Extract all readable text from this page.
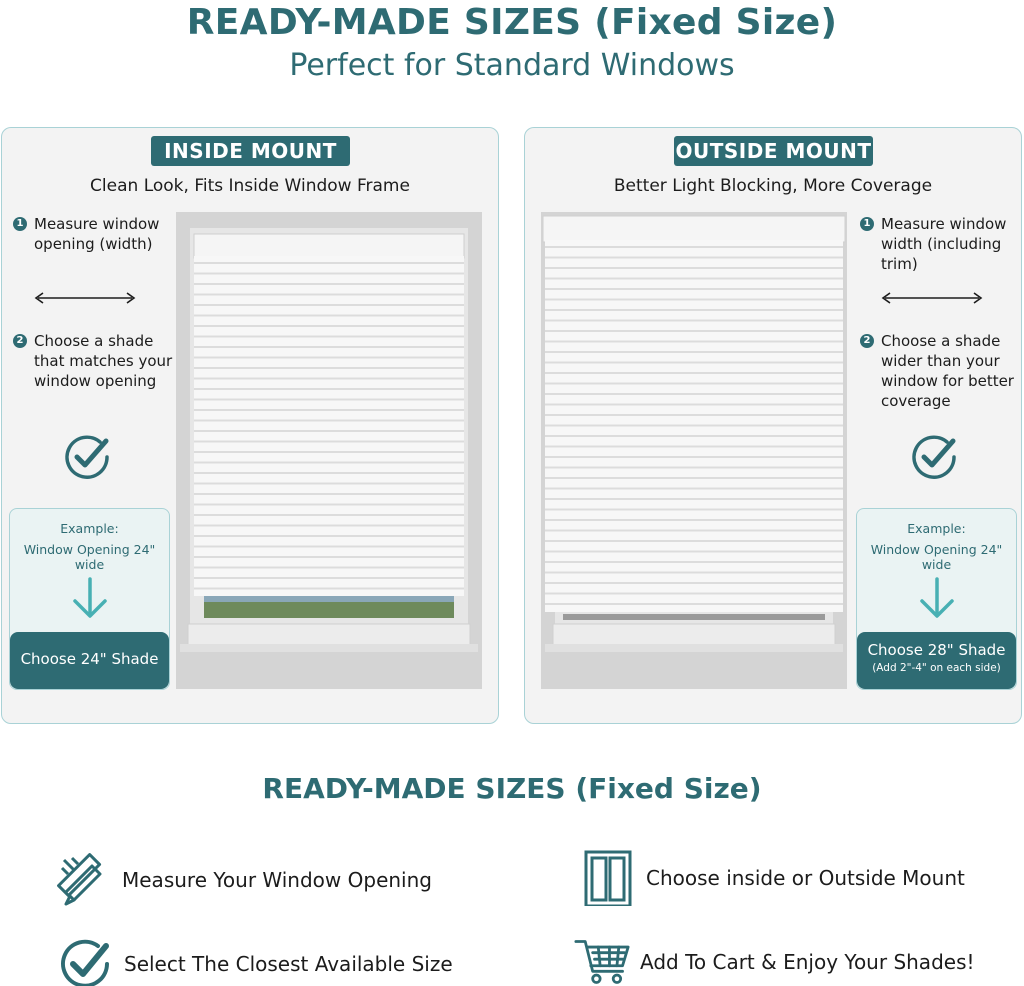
READY-MADE SIZES (Fixed Size)
Perfect for Standard Windows
INSIDE MOUNT
Clean Look, Fits Inside Window Frame
1 Measure window opening (width)
2 Choose a shade that matches your window opening
Example:
Window Opening 24" wide
Choose 24" Shade
OUTSIDE MOUNT
Better Light Blocking, More Coverage
1 Measure window width (including trim)
2 Choose a shade wider than your window for better coverage
Example:
Window Opening 24" wide
Choose 28" Shade
(Add 2"-4" on each side)
READY-MADE SIZES (Fixed Size)
Measure Your Window Opening	Choose inside or Outside Mount
Select The Closest Available Size	Add To Cart & Enjoy Your Shades!
